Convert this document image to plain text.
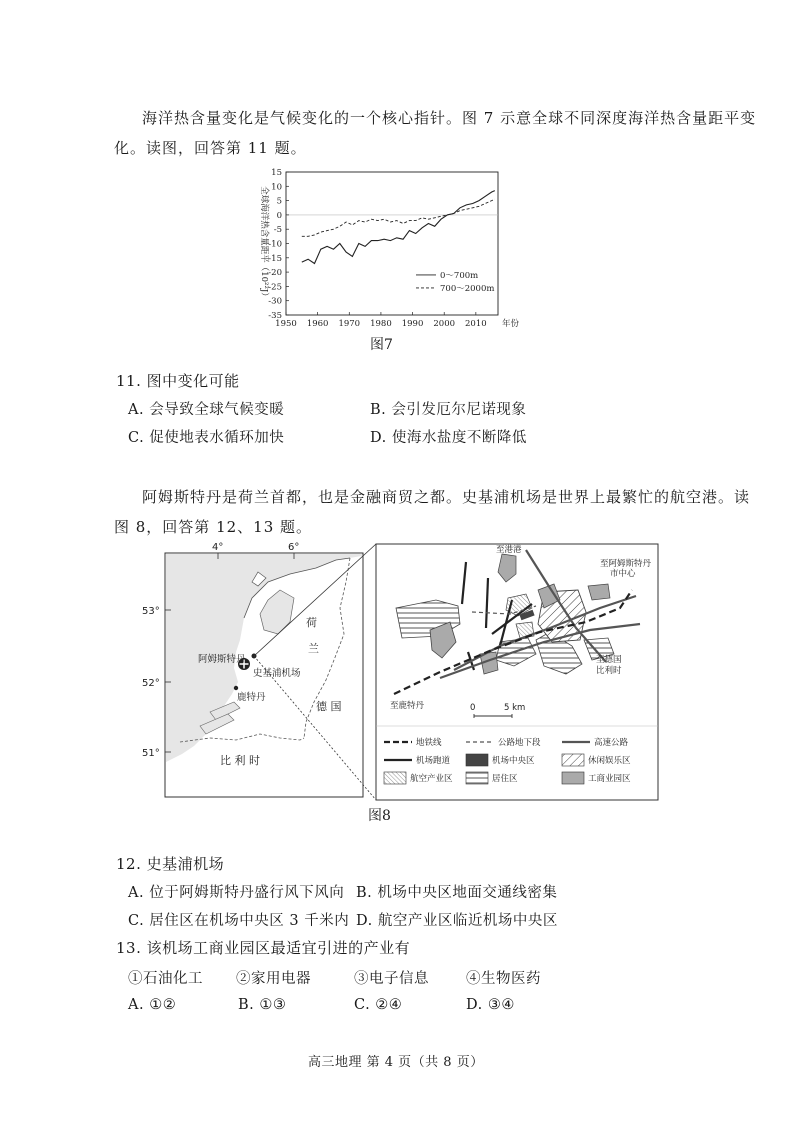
海洋热含量变化是气候变化的一个核心指针。图 7 示意全球不同深度海洋热含量距平变
化。读图，回答第 11 题。
15
10
5
0
-5
-10
-15
-20
-25
-30
-35
1950 1960 1970 1980 1990 2000 2010 年份
全球海洋热含量距平（10²²J）	0～700m
700～2000m
图7
11. 图中变化可能
A. 会导致全球气候变暖	B. 会引发厄尔尼诺现象
C. 促使地表水循环加快	D. 使海水盐度不断降低
阿姆斯特丹是荷兰首都，也是金融商贸之都。史基浦机场是世界上最繁忙的航空港。读
图 8，回答第 12、13 题。
4°	6°
53°
52°
51°
荷
兰
德 国
比 利 时
阿姆斯特丹
史基浦机场
鹿特丹
至港港
至阿姆斯特丹
市中心
至德国
比利时
至鹿特丹	0	5 km
地铁线	公路地下段	高速公路
机场跑道	机场中央区	休闲娱乐区
航空产业区	居住区	工商业园区
图8
12. 史基浦机场
A. 位于阿姆斯特丹盛行风下风向 B. 机场中央区地面交通线密集
C. 居住区在机场中央区 3 千米内 D. 航空产业区临近机场中央区
13. 该机场工商业园区最适宜引进的产业有
①石油化工 ②家用电器	③电子信息	④生物医药
A. ①②	B. ①③	C. ②④	D. ③④
高三地理 第 4 页（共 8 页）
